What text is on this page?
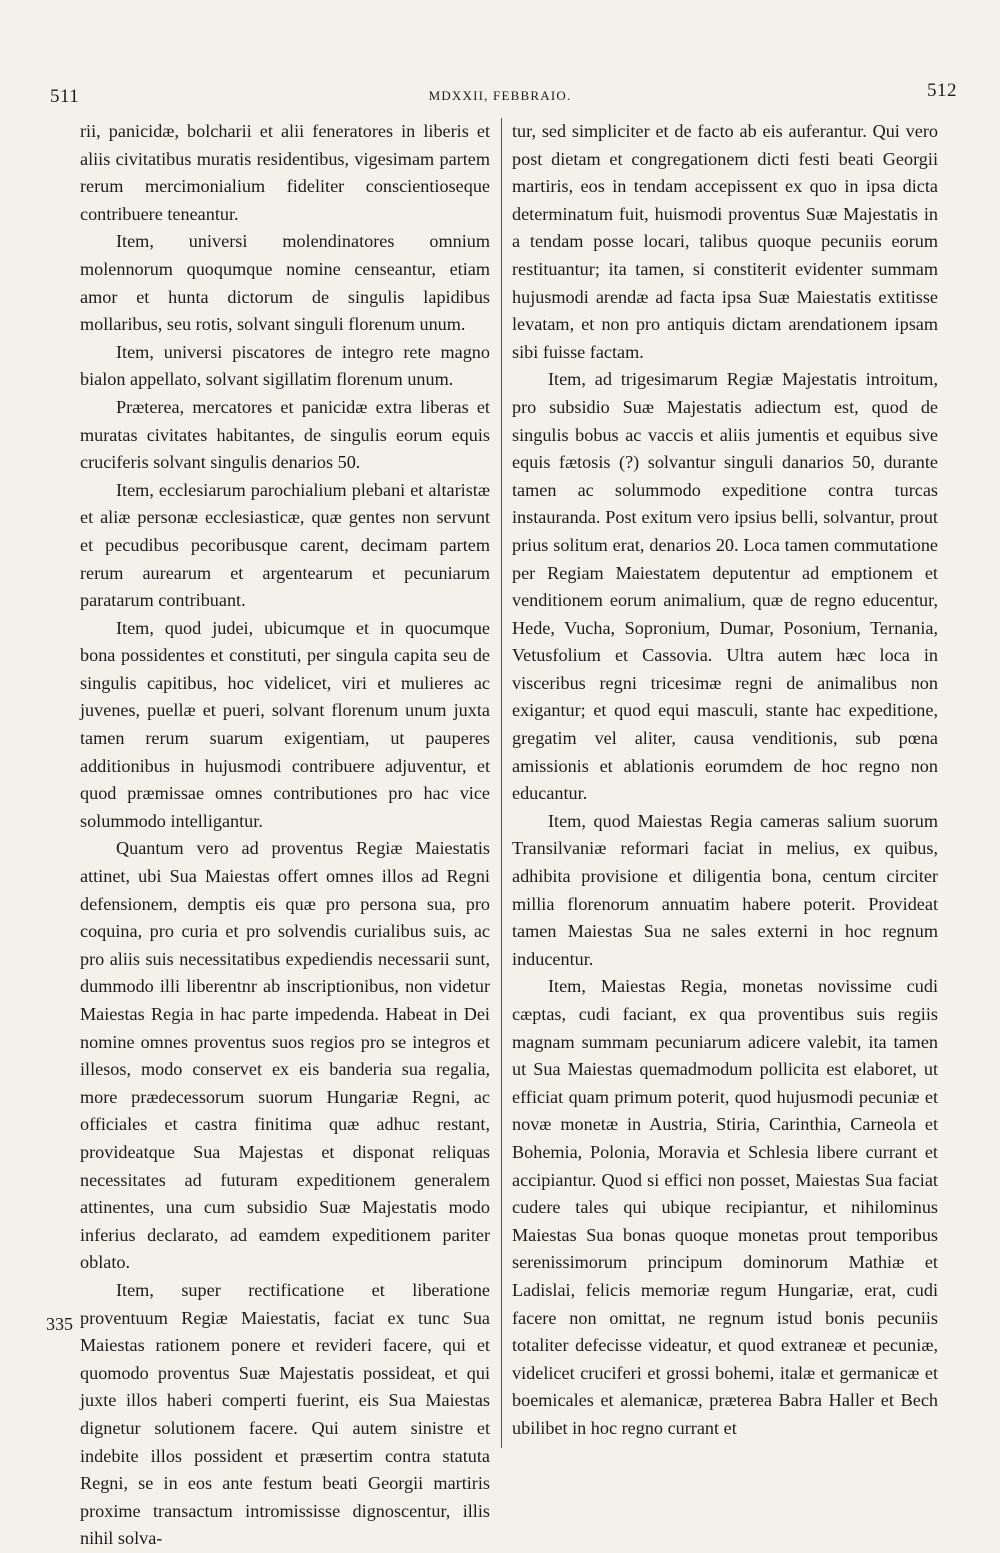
511	MDXXII, FEBBRAIO.	512

rii, panicidæ, bolcharii et alii feneratores in liberis et aliis civitatibus muratis residentibus, vigesimam partem rerum mercimonialium fideliter conscientioseque contribuere teneantur.

Item, universi molendinatores omnium molennorum quoqumque nomine censeantur, etiam amor et hunta dictorum de singulis lapidibus mollaribus, seu rotis, solvant singuli florenum unum.

Item, universi piscatores de integro rete magno bialon appellato, solvant sigillatim florenum unum.

Præterea, mercatores et panicidæ extra liberas et muratas civitates habitantes, de singulis eorum equis cruciferis solvant singulis denarios 50.

Item, ecclesiarum parochialium plebani et altaristæ et aliæ personæ ecclesiasticæ, quæ gentes non servunt et pecudibus pecoribusque carent, decimam partem rerum aurearum et argentearum et pecuniarum paratarum contribuant.

Item, quod judei, ubicumque et in quocumque bona possidentes et constituti, per singula capita seu de singulis capitibus, hoc videlicet, viri et mulieres ac juvenes, puellæ et pueri, solvant florenum unum juxta tamen rerum suarum exigentiam, ut pauperes additionibus in hujusmodi contribuere adjuventur, et quod præmissae omnes contributiones pro hac vice solummodo intelligantur.

Quantum vero ad proventus Regiæ Maiestatis attinet, ubi Sua Maiestas offert omnes illos ad Regni defensionem, demptis eis quæ pro persona sua, pro coquina, pro curia et pro solvendis curialibus suis, ac pro aliis suis necessitatibus expediendis necessarii sunt, dummodo illi liberentnr ab inscriptionibus, non videtur Maiestas Regia in hac parte impedenda. Habeat in Dei nomine omnes proventus suos regios pro se integros et illesos, modo conservet ex eis banderia sua regalia, more prædecessorum suorum Hungariæ Regni, ac officiales et castra finitima quæ adhuc restant, provideatque Sua Majestas et disponat reliquas necessitates ad futuram expeditionem generalem attinentes, una cum subsidio Suæ Majestatis modo inferius declarato, ad eamdem expeditionem pariter oblato.

Item, super rectificatione et liberatione proventuum Regiæ Maiestatis, faciat ex tunc Sua Maiestas rationem ponere et revideri facere, qui et quomodo proventus Suæ Majestatis possideat, et qui juxte illos haberi comperti fuerint, eis Sua Maiestas dignetur solutionem facere. Qui autem sinistre et indebite illos possident et præsertim contra statuta Regni, se in eos ante festum beati Georgii martiris proxime transactum intromississe dignoscentur, illis nihil solva-

tur, sed simpliciter et de facto ab eis auferantur. Qui vero post dietam et congregationem dicti festi beati Georgii martiris, eos in tendam accepissent ex quo in ipsa dicta determinatum fuit, huismodi proventus Suæ Majestatis in a tendam posse locari, talibus quoque pecuniis eorum restituantur; ita tamen, si constiterit evidenter summam hujusmodi arendæ ad facta ipsa Suæ Maiestatis extitisse levatam, et non pro antiquis dictam arendationem ipsam sibi fuisse factam.

Item, ad trigesimarum Regiæ Majestatis introitum, pro subsidio Suæ Majestatis adiectum est, quod de singulis bobus ac vaccis et aliis jumentis et equibus sive equis fætosis (?) solvantur singuli danarios 50, durante tamen ac solummodo expeditione contra turcas instauranda. Post exitum vero ipsius belli, solvantur, prout prius solitum erat, denarios 20. Loca tamen commutatione per Regiam Maiestatem deputentur ad emptionem et venditionem eorum animalium, quæ de regno educentur, Hede, Vucha, Sopronium, Dumar, Posonium, Ternania, Vetusfolium et Cassovia. Ultra autem hæc loca in visceribus regni tricesimæ regni de animalibus non exigantur; et quod equi masculi, stante hac expeditione, gregatim vel aliter, causa venditionis, sub pœna amissionis et ablationis eorumdem de hoc regno non educantur.

Item, quod Maiestas Regia cameras salium suorum Transilvaniæ reformari faciat in melius, ex quibus, adhibita provisione et diligentia bona, centum circiter millia florenorum annuatim habere poterit. Provideat tamen Maiestas Sua ne sales externi in hoc regnum inducentur.

Item, Maiestas Regia, monetas novissime cudi cæptas, cudi faciant, ex qua proventibus suis regiis magnam summam pecuniarum adicere valebit, ita tamen ut Sua Maiestas quemadmodum pollicita est elaboret, ut efficiat quam primum poterit, quod hujusmodi pecuniæ et novæ monetæ in Austria, Stiria, Carinthia, Carneola et Bohemia, Polonia, Moravia et Schlesia libere currant et accipiantur. Quod si effici non posset, Maiestas Sua faciat cudere tales qui ubique recipiantur, et nihilominus Maiestas Sua bonas quoque monetas prout temporibus serenissimorum principum dominorum Mathiæ et Ladislai, felicis memoriæ regum Hungariæ, erat, cudi facere non omittat, ne regnum istud bonis pecuniis totaliter defecisse videatur, et quod extraneæ et pecuniæ, videlicet cruciferi et grossi bohemi, italæ et germanicæ et boemicales et alemanicæ, præterea Babra Haller et Bech ubilibet in hoc regno currant et

335
